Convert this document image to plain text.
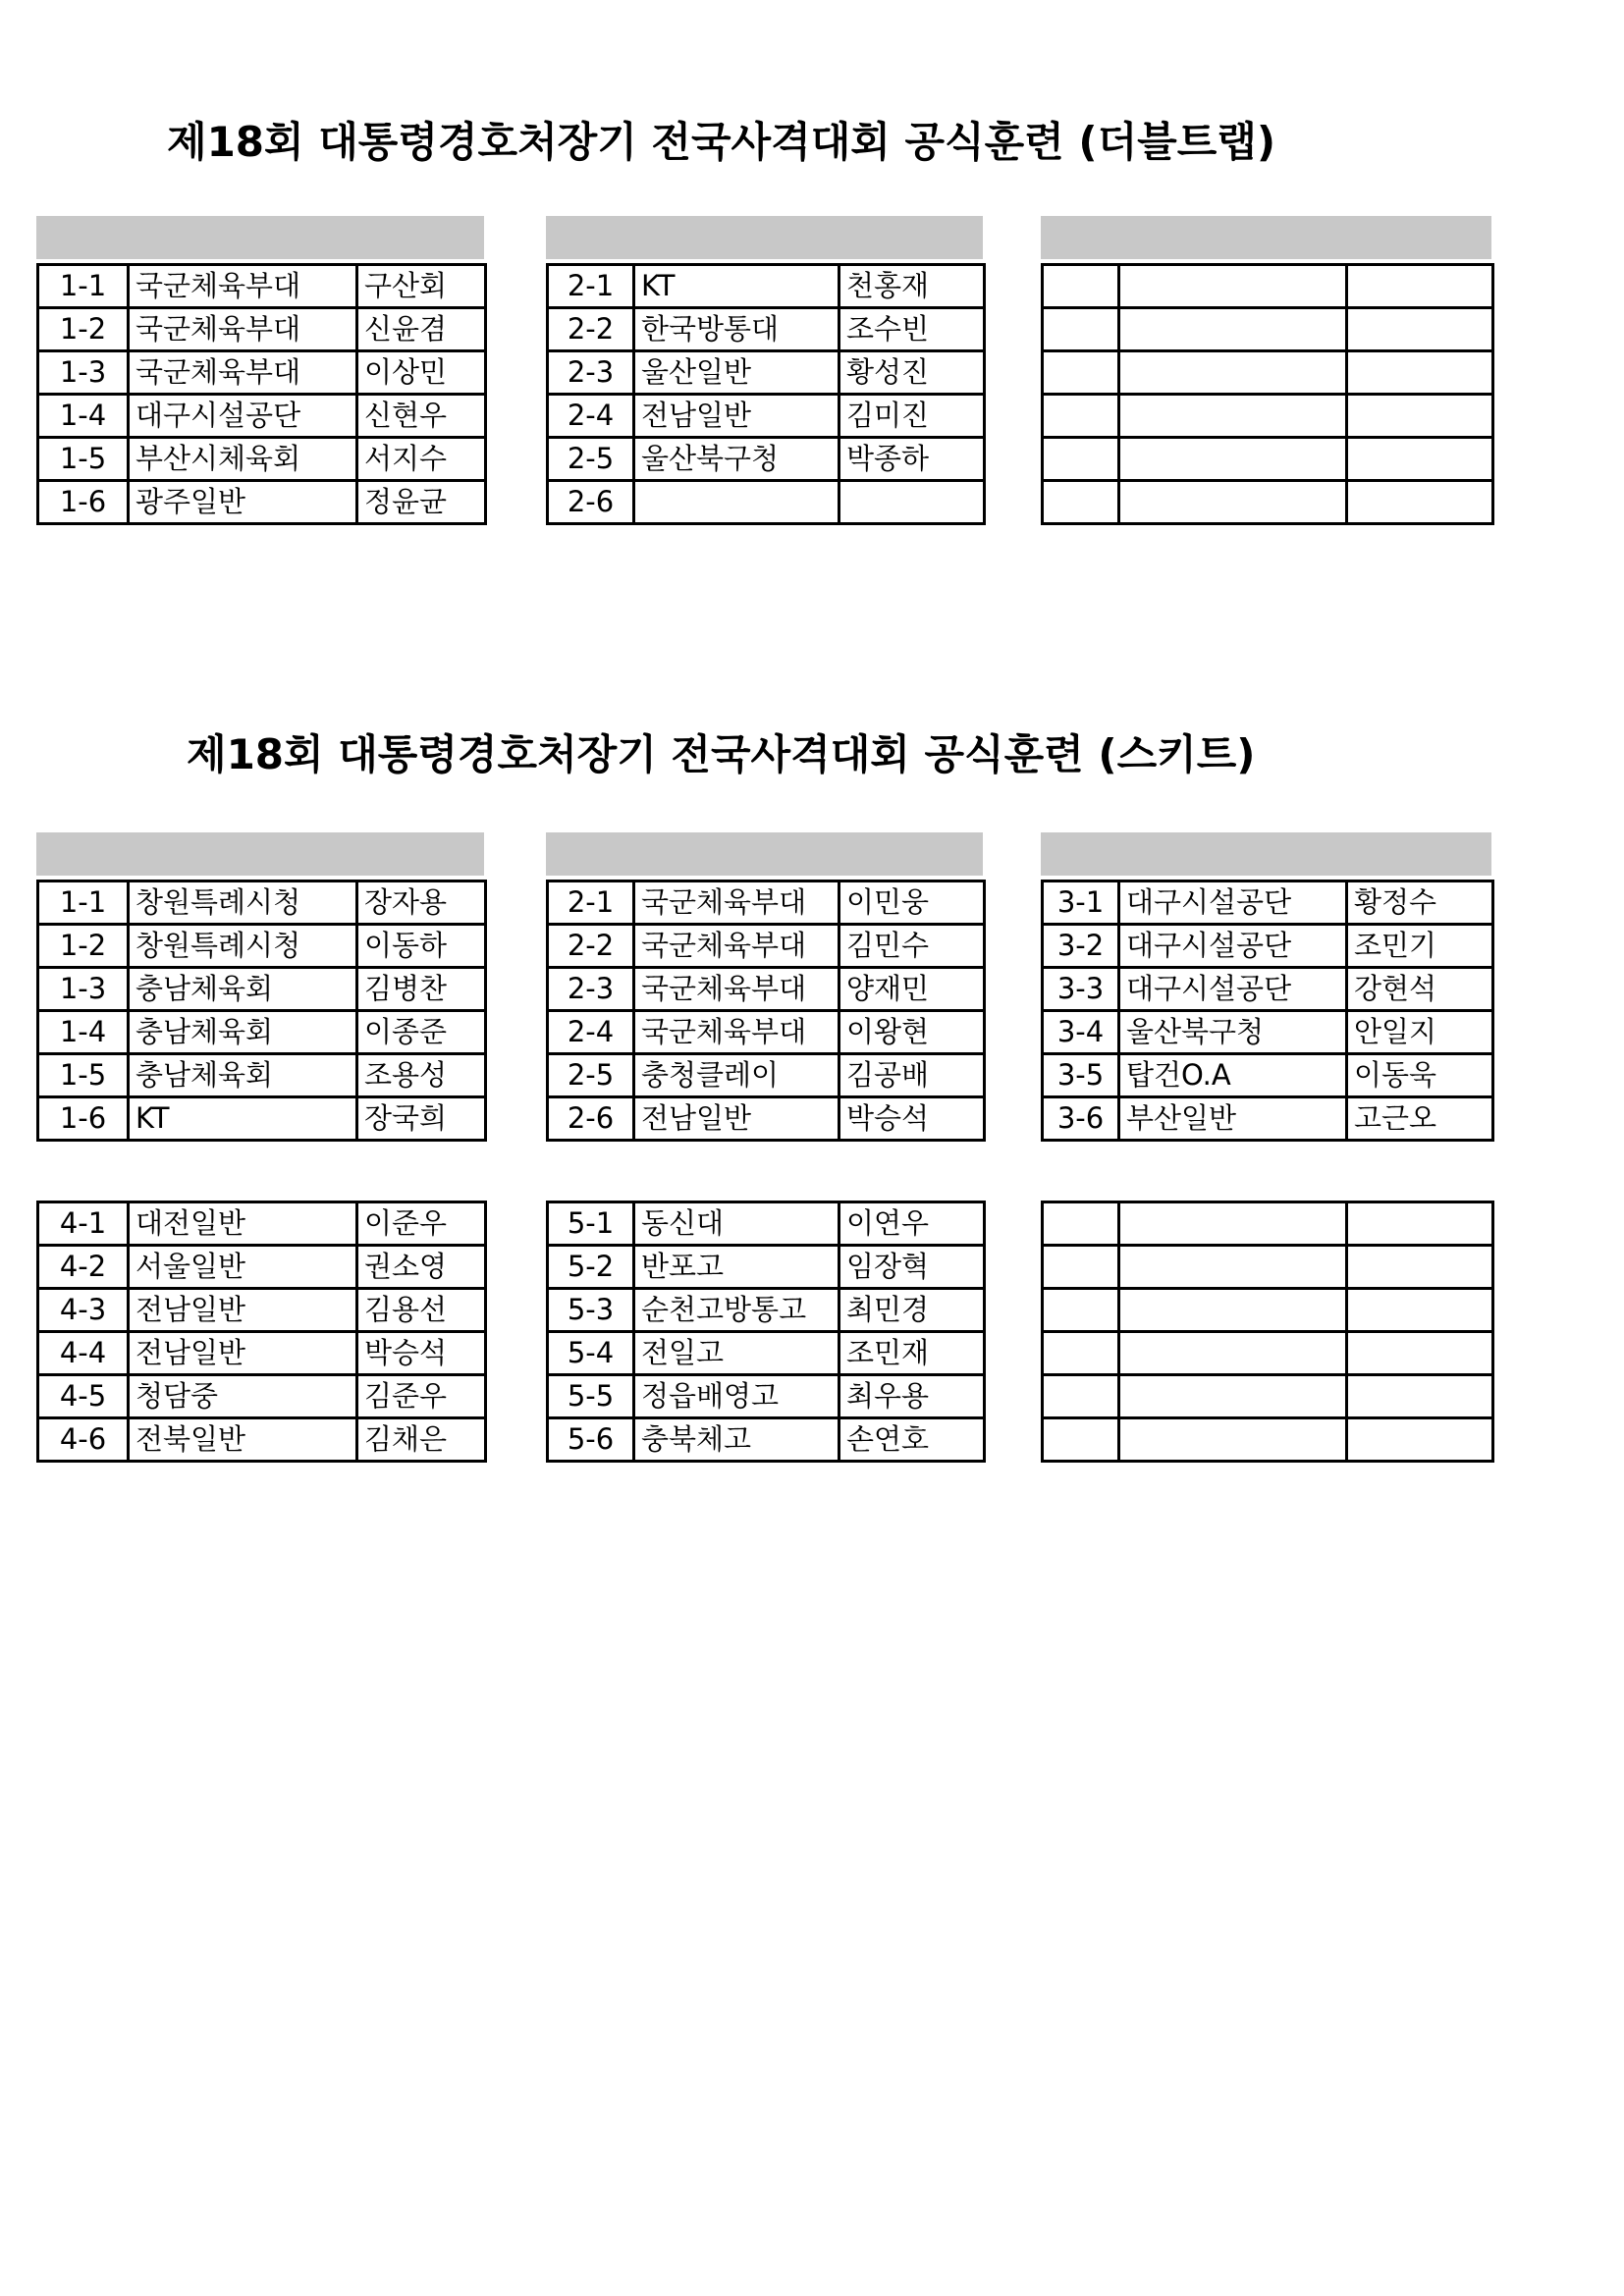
제18회 대통령경호처장기 전국사격대회 공식훈련 (더블트랩)
제18회 대통령경호처장기 전국사격대회 공식훈련 (스키트)
1-1	국군체육부대	구산회
1-2	국군체육부대	신윤겸
1-3	국군체육부대	이상민
1-4	대구시설공단	신현우
1-5	부산시체육회	서지수
1-6	광주일반	정윤균
2-1	KT	천홍재
2-2	한국방통대	조수빈
2-3	울산일반	황성진
2-4	전남일반	김미진
2-5	울산북구청	박종하
2-6		

1-1	창원특례시청	장자용
1-2	창원특례시청	이동하
1-3	충남체육회	김병찬
1-4	충남체육회	이종준
1-5	충남체육회	조용성
1-6	KT	장국희
2-1	국군체육부대	이민웅
2-2	국군체육부대	김민수
2-3	국군체육부대	양재민
2-4	국군체육부대	이왕현
2-5	충청클레이	김공배
2-6	전남일반	박승석
3-1	대구시설공단	황정수
3-2	대구시설공단	조민기
3-3	대구시설공단	강현석
3-4	울산북구청	안일지
3-5	탑건O.A	이동욱
3-6	부산일반	고근오
4-1	대전일반	이준우
4-2	서울일반	권소영
4-3	전남일반	김용선
4-4	전남일반	박승석
4-5	청담중	김준우
4-6	전북일반	김채은
5-1	동신대	이연우
5-2	반포고	임장혁
5-3	순천고방통고	최민경
5-4	전일고	조민재
5-5	정읍배영고	최우용
5-6	충북체고	손연호
